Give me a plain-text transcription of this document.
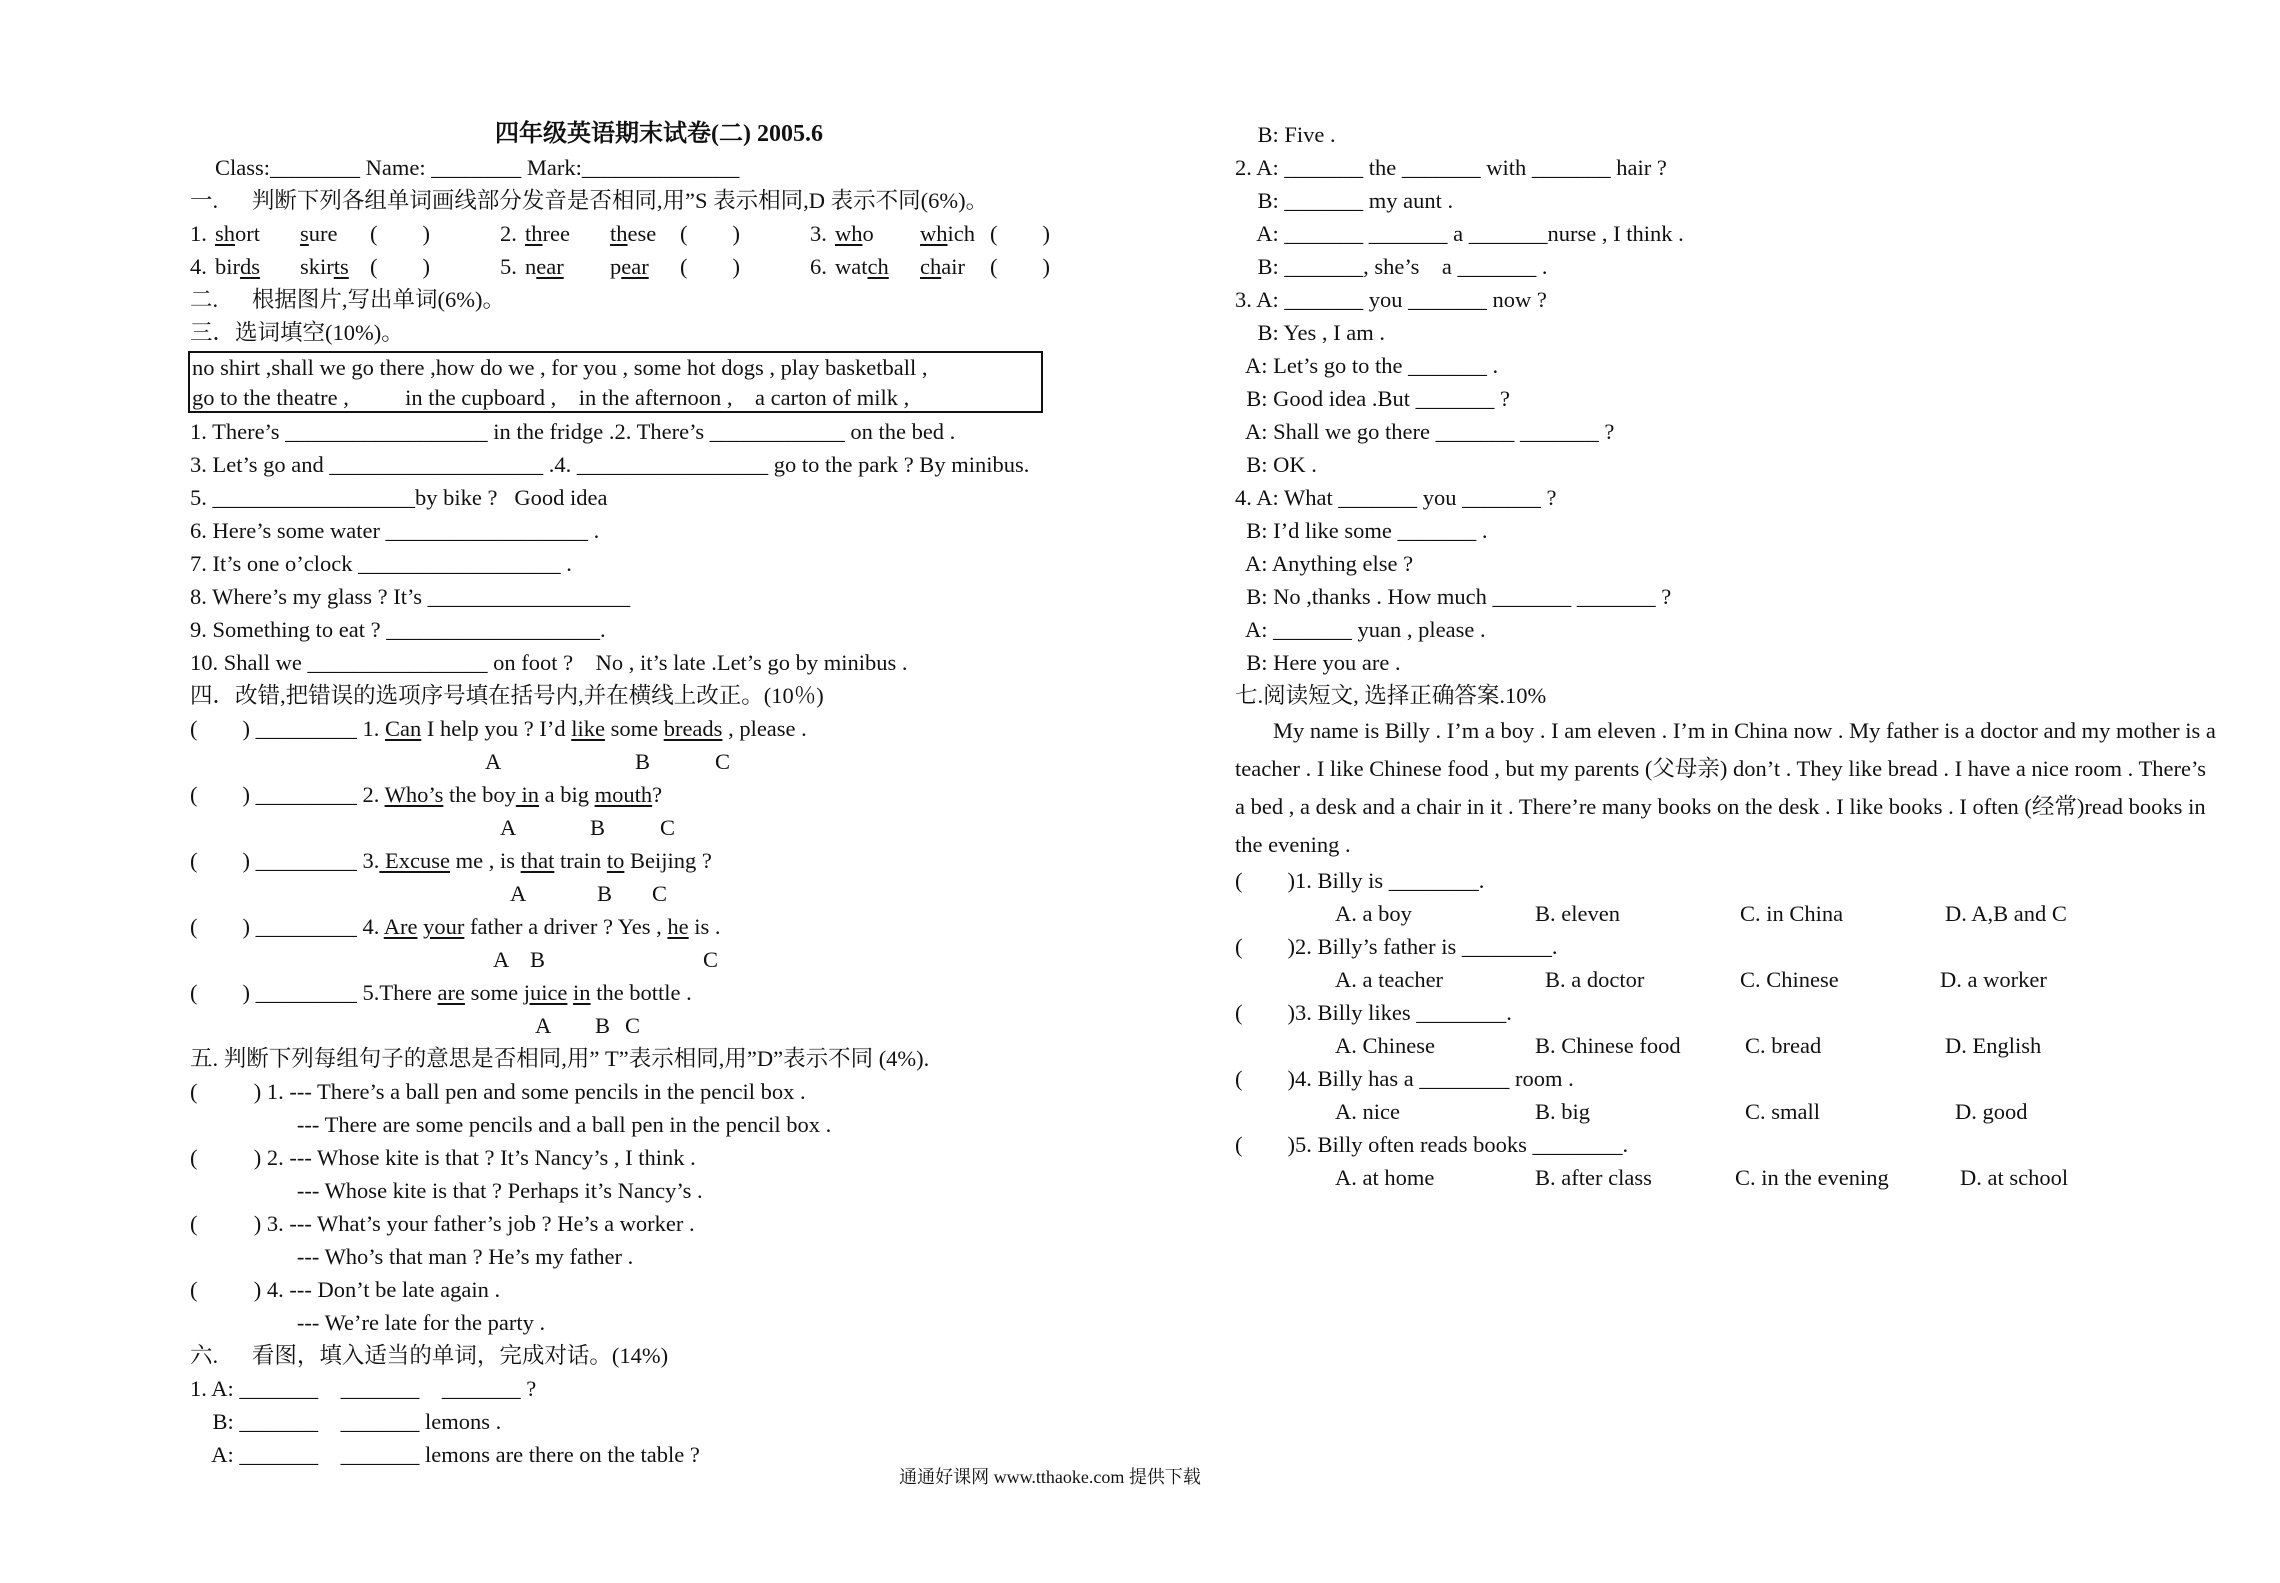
四年级英语期末试卷(二) 2005.6
Class:________ Name: ________ Mark:______________
一.      判断下列各组单词画线部分发音是否相同,用”S 表示相同,D 表示不同(6%)。
1. short sure (        )	2. three these (        )	3. who which (        )
4. birds skirts (        )	5. near pear (        )	6. watch chair (        )
二.      根据图片,写出单词(6%)。
三．选词填空(10%)。
no shirt ,shall we go there ,how do we , for you , some hot dogs , play basketball ,
go to the theatre ,          in the cupboard ,    in the afternoon ,    a carton of milk ,
1. There’s __________________ in the fridge .2. There’s ____________ on the bed .
3. Let’s go and ___________________ .4. _________________ go to the park ? By minibus.
5. __________________by bike ?   Good idea
6. Here’s some water __________________ .
7. It’s one o’clock __________________ .
8. Where’s my glass ? It’s __________________
9. Something to eat ? ___________________.
10. Shall we ________________ on foot ?    No , it’s late .Let’s go by minibus .
四．改错,把错误的选项序号填在括号内,并在横线上改正。(10％)
(        ) _________ 1. Can I help you ? I’d like some breads , please .
A	B	C
(        ) _________ 2. Who’s the boy in a big mouth?
A	B C
(        ) _________ 3. Excuse me , is that train to Beijing ?
A	B C
(        ) _________ 4. Are your father a driver ? Yes , he is .
A B	C
(        ) _________ 5.There are some juice in the bottle .
A B C
五. 判断下列每组句子的意思是否相同,用” T”表示相同,用”D”表示不同 (4%).
(          ) 1. --- There’s a ball pen and some pencils in the pencil box .
--- There are some pencils and a ball pen in the pencil box .
(          ) 2. --- Whose kite is that ? It’s Nancy’s , I think .
--- Whose kite is that ? Perhaps it’s Nancy’s .
(          ) 3. --- What’s your father’s job ? He’s a worker .
--- Who’s that man ? He’s my father .
(          ) 4. --- Don’t be late again .
--- We’re late for the party .
六.      看图，填入适当的单词，完成对话。(14%)
1. A: _______    _______    _______ ?
B: _______    _______ lemons .
A: _______    _______ lemons are there on the table ?
B: Five .
2. A: _______ the _______ with _______ hair ?
B: _______ my aunt .
A: _______ _______ a _______nurse , I think .
B: _______, she’s    a _______ .
3. A: _______ you _______ now ?
B: Yes , I am .
A: Let’s go to the _______ .
B: Good idea .But _______ ?
A: Shall we go there _______ _______ ?
B: OK .
4. A: What _______ you _______ ?
B: I’d like some _______ .
A: Anything else ?
B: No ,thanks . How much _______ _______ ?
A: _______ yuan , please .
B: Here you are .
七.阅读短文, 选择正确答案.10%
My name is Billy . I’m a boy . I am eleven . I’m in China now . My father is a doctor and my mother is a teacher . I like Chinese food , but my parents (父母亲) don’t . They like bread . I have a nice room . There’s a bed , a desk and a chair in it . There’re many books on the desk . I like books . I often (经常)read books in the evening .
(        )1. Billy is ________.
A. a boy	B. eleven	C. in China	D. A,B and C
(        )2. Billy’s father is ________.
A. a teacher	B. a doctor	C. Chinese	D. a worker
(        )3. Billy likes ________.
A. Chinese	B. Chinese food	C. bread	D. English
(        )4. Billy has a ________ room .
A. nice	B. big	C. small	D. good
(        )5. Billy often reads books ________.
A. at home	B. after class	C. in the evening	D. at school
通通好课网 www.tthaoke.com 提供下载
